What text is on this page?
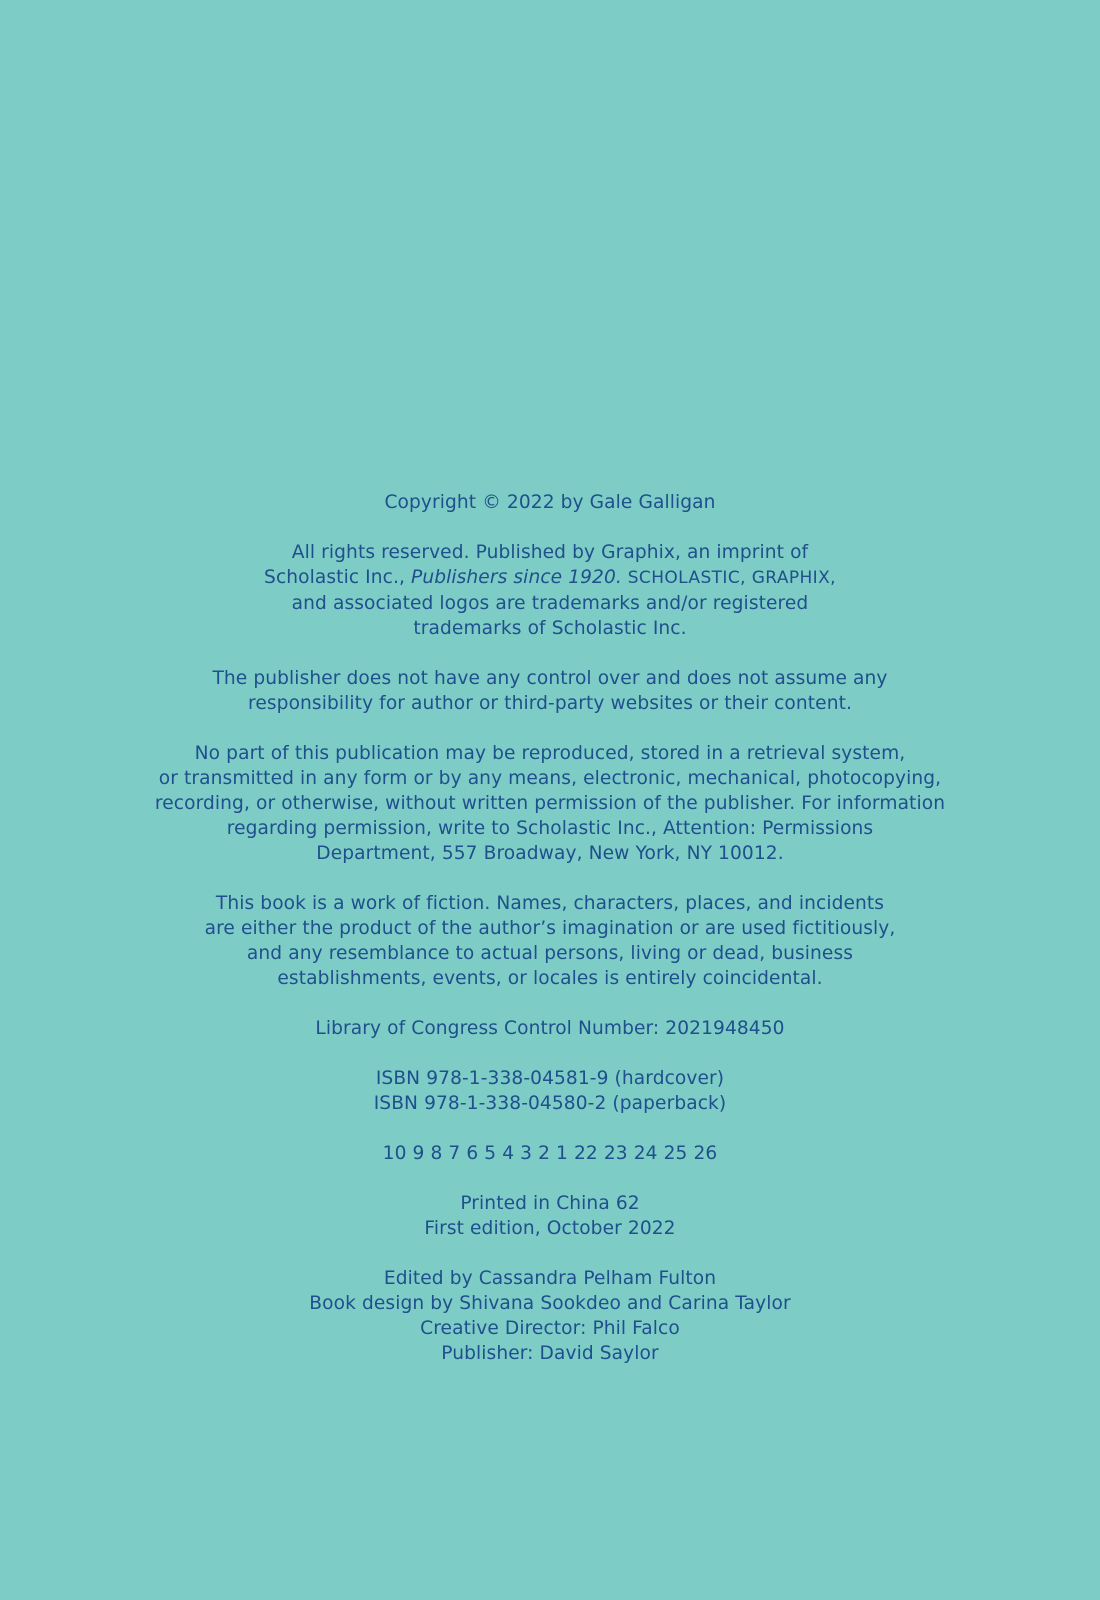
Copyright © 2022 by Gale Galligan

All rights reserved. Published by Graphix, an imprint of
Scholastic Inc., Publishers since 1920. SCHOLASTIC, GRAPHIX,
and associated logos are trademarks and/or registered
trademarks of Scholastic Inc.

The publisher does not have any control over and does not assume any
responsibility for author or third-party websites or their content.

No part of this publication may be reproduced, stored in a retrieval system,
or transmitted in any form or by any means, electronic, mechanical, photocopying,
recording, or otherwise, without written permission of the publisher. For information
regarding permission, write to Scholastic Inc., Attention: Permissions
Department, 557 Broadway, New York, NY 10012.

This book is a work of fiction. Names, characters, places, and incidents
are either the product of the author’s imagination or are used fictitiously,
and any resemblance to actual persons, living or dead, business
establishments, events, or locales is entirely coincidental.

Library of Congress Control Number: 2021948450

ISBN 978-1-338-04581-9 (hardcover)
ISBN 978-1-338-04580-2 (paperback)

10 9 8 7 6 5 4 3 2 1 22 23 24 25 26

Printed in China 62
First edition, October 2022

Edited by Cassandra Pelham Fulton
Book design by Shivana Sookdeo and Carina Taylor
Creative Director: Phil Falco
Publisher: David Saylor
